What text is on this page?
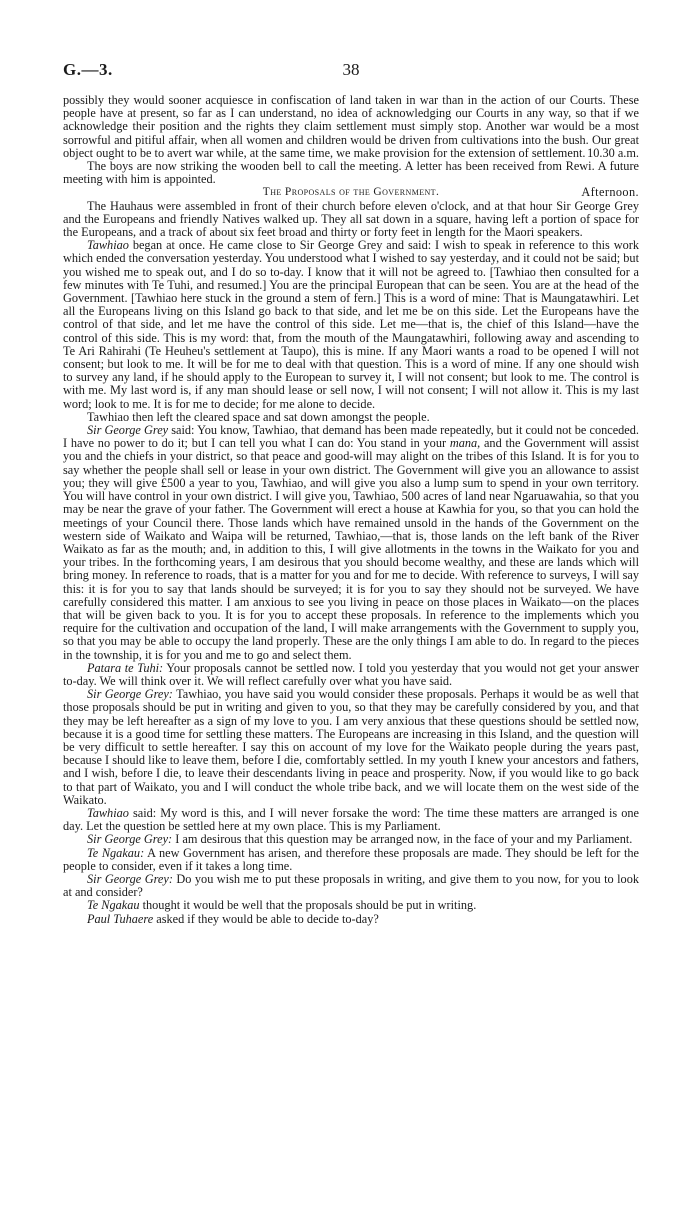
G.—3.	38

possibly they would sooner acquiesce in confiscation of land taken in war than in the action of our Courts. These people have at present, so far as I can understand, no idea of acknowledging our Courts in any way, so that if we acknowledge their position and the rights they claim settlement must simply stop. Another war would be a most sorrowful and pitiful affair, when all women and children would be driven from cultivations into the bush. Our great object ought to be to avert war while, at the same time, we make provision for the extension of settlement. 10.30 a.m.

The boys are now striking the wooden bell to call the meeting. A letter has been received from Rewi. A future meeting with him is appointed.

The Proposals of the Government.	Afternoon.

The Hauhaus were assembled in front of their church before eleven o'clock, and at that hour Sir George Grey and the Europeans and friendly Natives walked up. They all sat down in a square, having left a portion of space for the Europeans, and a track of about six feet broad and thirty or forty feet in length for the Maori speakers.

Tawhiao began at once. He came close to Sir George Grey and said: I wish to speak in reference to this work which ended the conversation yesterday. You understood what I wished to say yesterday, and it could not be said; but you wished me to speak out, and I do so to-day. I know that it will not be agreed to. [Tawhiao then consulted for a few minutes with Te Tuhi, and resumed.] You are the principal European that can be seen. You are at the head of the Government. [Tawhiao here stuck in the ground a stem of fern.] This is a word of mine: That is Maungatawhiri. Let all the Europeans living on this Island go back to that side, and let me be on this side. Let the Europeans have the control of that side, and let me have the control of this side. Let me—that is, the chief of this Island—have the control of this side. This is my word: that, from the mouth of the Maungatawhiri, following away and ascending to Te Ari Rahirahi (Te Heuheu's settlement at Taupo), this is mine. If any Maori wants a road to be opened I will not consent; but look to me. It will be for me to deal with that question. This is a word of mine. If any one should wish to survey any land, if he should apply to the European to survey it, I will not consent; but look to me. The control is with me. My last word is, if any man should lease or sell now, I will not consent; I will not allow it. This is my last word; look to me. It is for me to decide; for me alone to decide.

Tawhiao then left the cleared space and sat down amongst the people.

Sir George Grey said: You know, Tawhiao, that demand has been made repeatedly, but it could not be conceded. I have no power to do it; but I can tell you what I can do: You stand in your mana, and the Government will assist you and the chiefs in your district, so that peace and good-will may alight on the tribes of this Island. It is for you to say whether the people shall sell or lease in your own district. The Government will give you an allowance to assist you; they will give £500 a year to you, Tawhiao, and will give you also a lump sum to spend in your own territory. You will have control in your own district. I will give you, Tawhiao, 500 acres of land near Ngaruawahia, so that you may be near the grave of your father. The Government will erect a house at Kawhia for you, so that you can hold the meetings of your Council there. Those lands which have remained unsold in the hands of the Government on the western side of Waikato and Waipa will be returned, Tawhiao,—that is, those lands on the left bank of the River Waikato as far as the mouth; and, in addition to this, I will give allotments in the towns in the Waikato for you and your tribes. In the forthcoming years, I am desirous that you should become wealthy, and these are lands which will bring money. In reference to roads, that is a matter for you and for me to decide. With reference to surveys, I will say this: it is for you to say that lands should be surveyed; it is for you to say they should not be surveyed. We have carefully considered this matter. I am anxious to see you living in peace on those places in Waikato—on the places that will be given back to you. It is for you to accept these proposals. In reference to the implements which you require for the cultivation and occupation of the land, I will make arrangements with the Government to supply you, so that you may be able to occupy the land properly. These are the only things I am able to do. In regard to the pieces in the township, it is for you and me to go and select them.

Patara te Tuhi: Your proposals cannot be settled now. I told you yesterday that you would not get your answer to-day. We will think over it. We will reflect carefully over what you have said.

Sir George Grey: Tawhiao, you have said you would consider these proposals. Perhaps it would be as well that those proposals should be put in writing and given to you, so that they may be carefully considered by you, and that they may be left hereafter as a sign of my love to you. I am very anxious that these questions should be settled now, because it is a good time for settling these matters. The Europeans are increasing in this Island, and the question will be very difficult to settle hereafter. I say this on account of my love for the Waikato people during the years past, because I should like to leave them, before I die, comfortably settled. In my youth I knew your ancestors and fathers, and I wish, before I die, to leave their descendants living in peace and prosperity. Now, if you would like to go back to that part of Waikato, you and I will conduct the whole tribe back, and we will locate them on the west side of the Waikato.

Tawhiao said: My word is this, and I will never forsake the word: The time these matters are arranged is one day. Let the question be settled here at my own place. This is my Parliament.

Sir George Grey: I am desirous that this question may be arranged now, in the face of your and my Parliament.

Te Ngakau: A new Government has arisen, and therefore these proposals are made. They should be left for the people to consider, even if it takes a long time.

Sir George Grey: Do you wish me to put these proposals in writing, and give them to you now, for you to look at and consider?

Te Ngakau thought it would be well that the proposals should be put in writing.

Paul Tuhaere asked if they would be able to decide to-day?
